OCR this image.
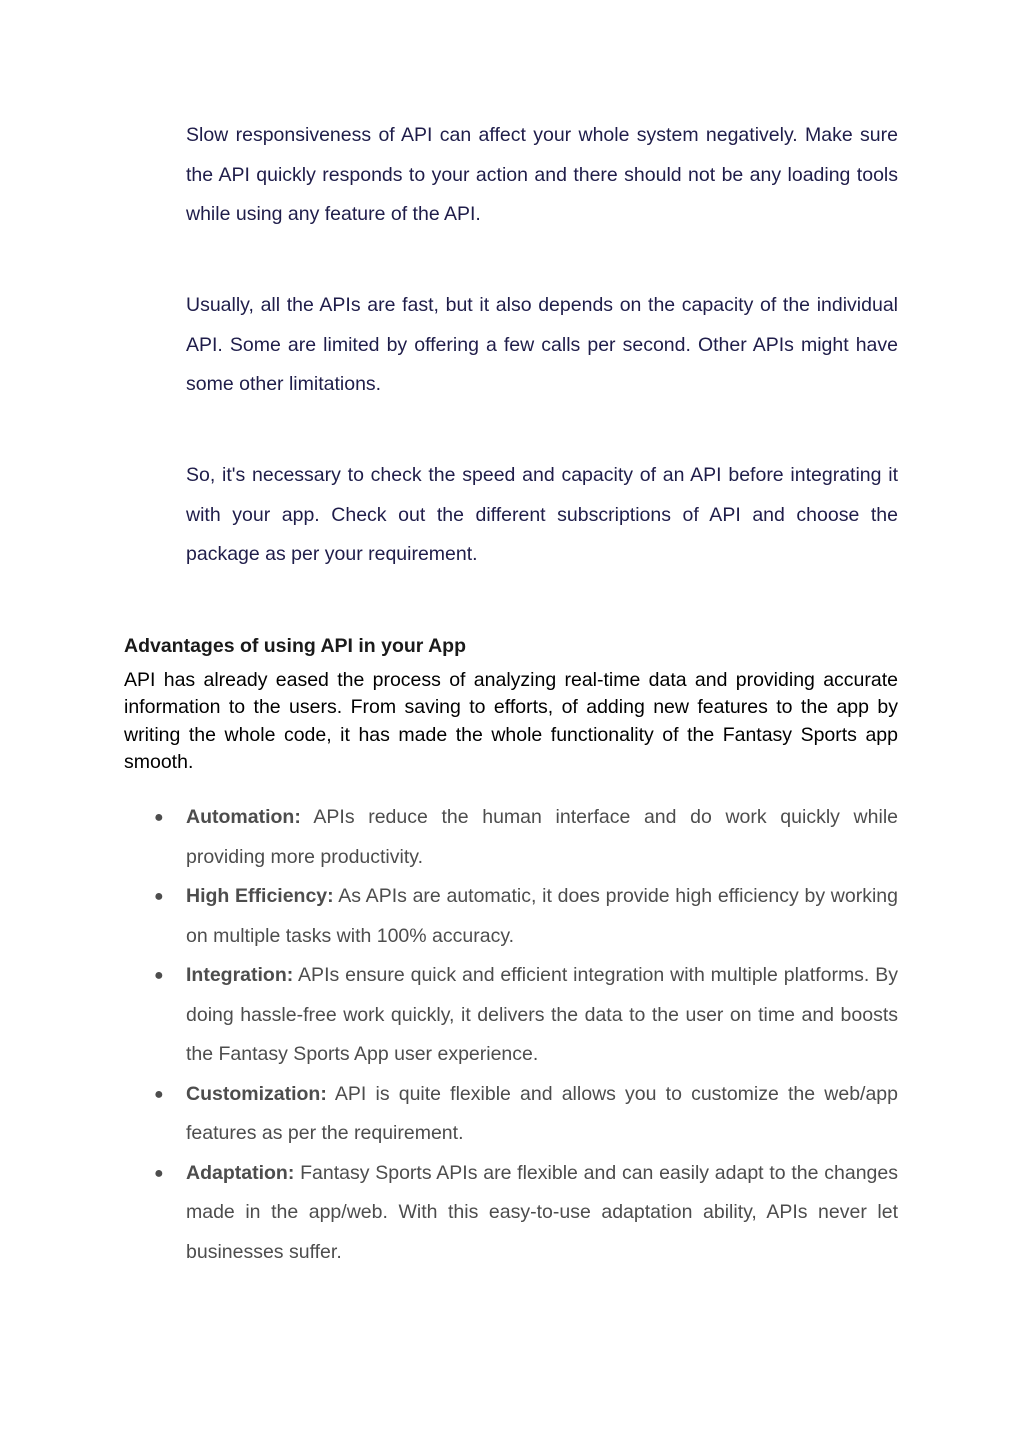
Slow responsiveness of API can affect your whole system negatively. Make sure the API quickly responds to your action and there should not be any loading tools while using any feature of the API.

Usually, all the APIs are fast, but it also depends on the capacity of the individual API. Some are limited by offering a few calls per second. Other APIs might have some other limitations.

So, it's necessary to check the speed and capacity of an API before integrating it with your app. Check out the different subscriptions of API and choose the package as per your requirement.

Advantages of using API in your App

API has already eased the process of analyzing real-time data and providing accurate information to the users. From saving to efforts, of adding new features to the app by writing the whole code, it has made the whole functionality of the Fantasy Sports app smooth.

● Automation: APIs reduce the human interface and do work quickly while providing more productivity.
● High Efficiency: As APIs are automatic, it does provide high efficiency by working on multiple tasks with 100% accuracy.
● Integration: APIs ensure quick and efficient integration with multiple platforms. By doing hassle-free work quickly, it delivers the data to the user on time and boosts the Fantasy Sports App user experience.
● Customization: API is quite flexible and allows you to customize the web/app features as per the requirement.
● Adaptation: Fantasy Sports APIs are flexible and can easily adapt to the changes made in the app/web. With this easy-to-use adaptation ability, APIs never let businesses suffer.
